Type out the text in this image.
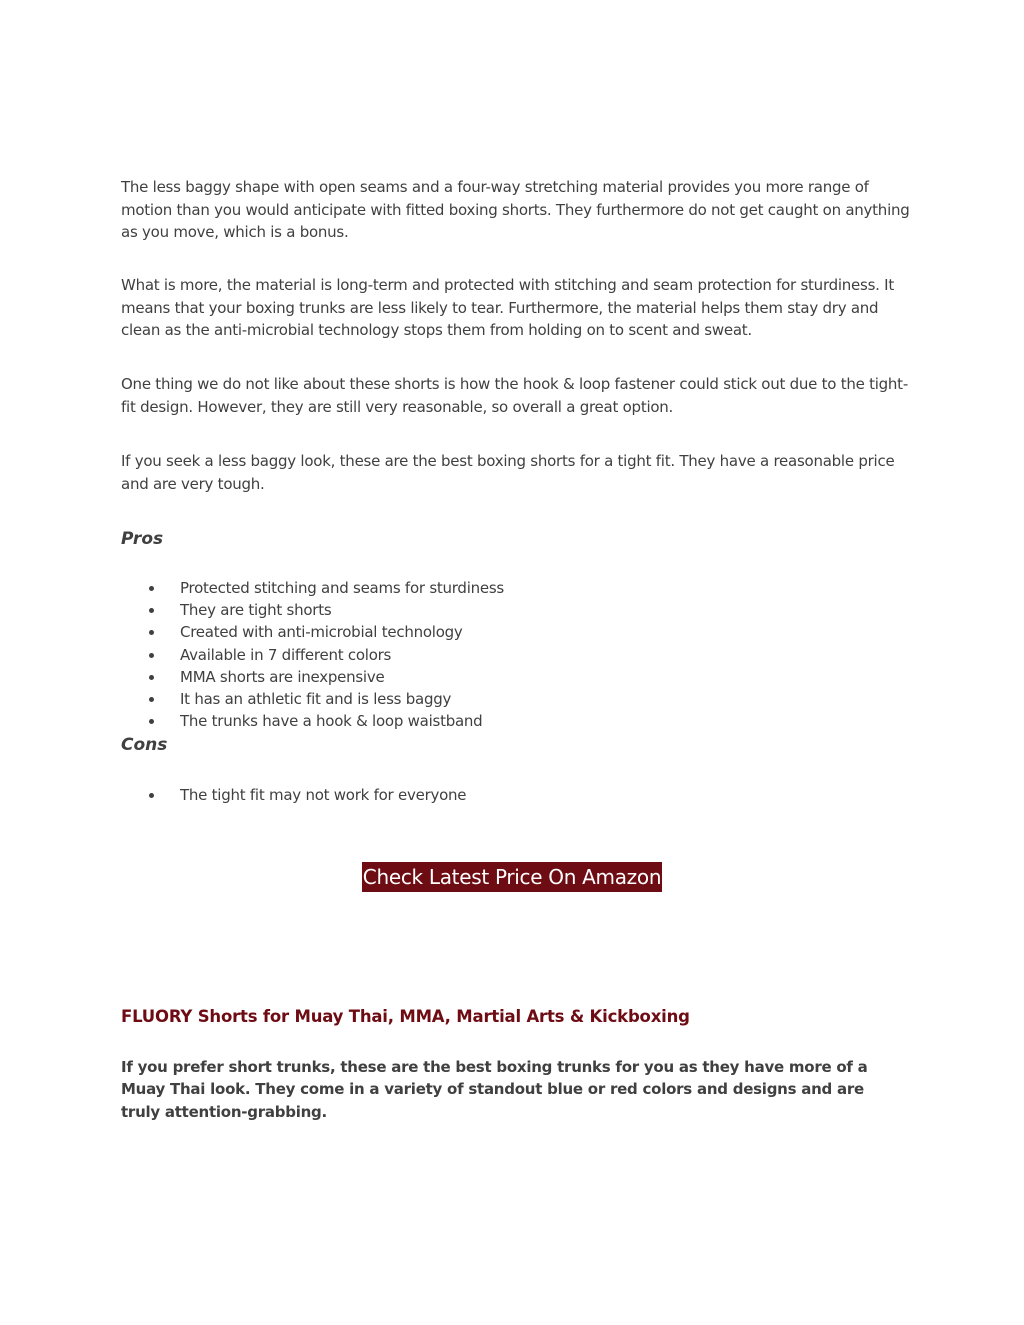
The less baggy shape with open seams and a four-way stretching material provides you more range of motion than you would anticipate with fitted boxing shorts. They furthermore do not get caught on anything as you move, which is a bonus.

What is more, the material is long-term and protected with stitching and seam protection for sturdiness. It means that your boxing trunks are less likely to tear. Furthermore, the material helps them stay dry and clean as the anti-microbial technology stops them from holding on to scent and sweat.

One thing we do not like about these shorts is how the hook & loop fastener could stick out due to the tight-fit design. However, they are still very reasonable, so overall a great option.

If you seek a less baggy look, these are the best boxing shorts for a tight fit. They have a reasonable price and are very tough.

Pros
Protected stitching and seams for sturdiness
They are tight shorts
Created with anti-microbial technology
Available in 7 different colors
MMA shorts are inexpensive
It has an athletic fit and is less baggy
The trunks have a hook & loop waistband
Cons
The tight fit may not work for everyone
Check Latest Price On Amazon
FLUORY Shorts for Muay Thai, MMA, Martial Arts & Kickboxing

If you prefer short trunks, these are the best boxing trunks for you as they have more of a Muay Thai look. They come in a variety of standout blue or red colors and designs and are truly attention-grabbing.
